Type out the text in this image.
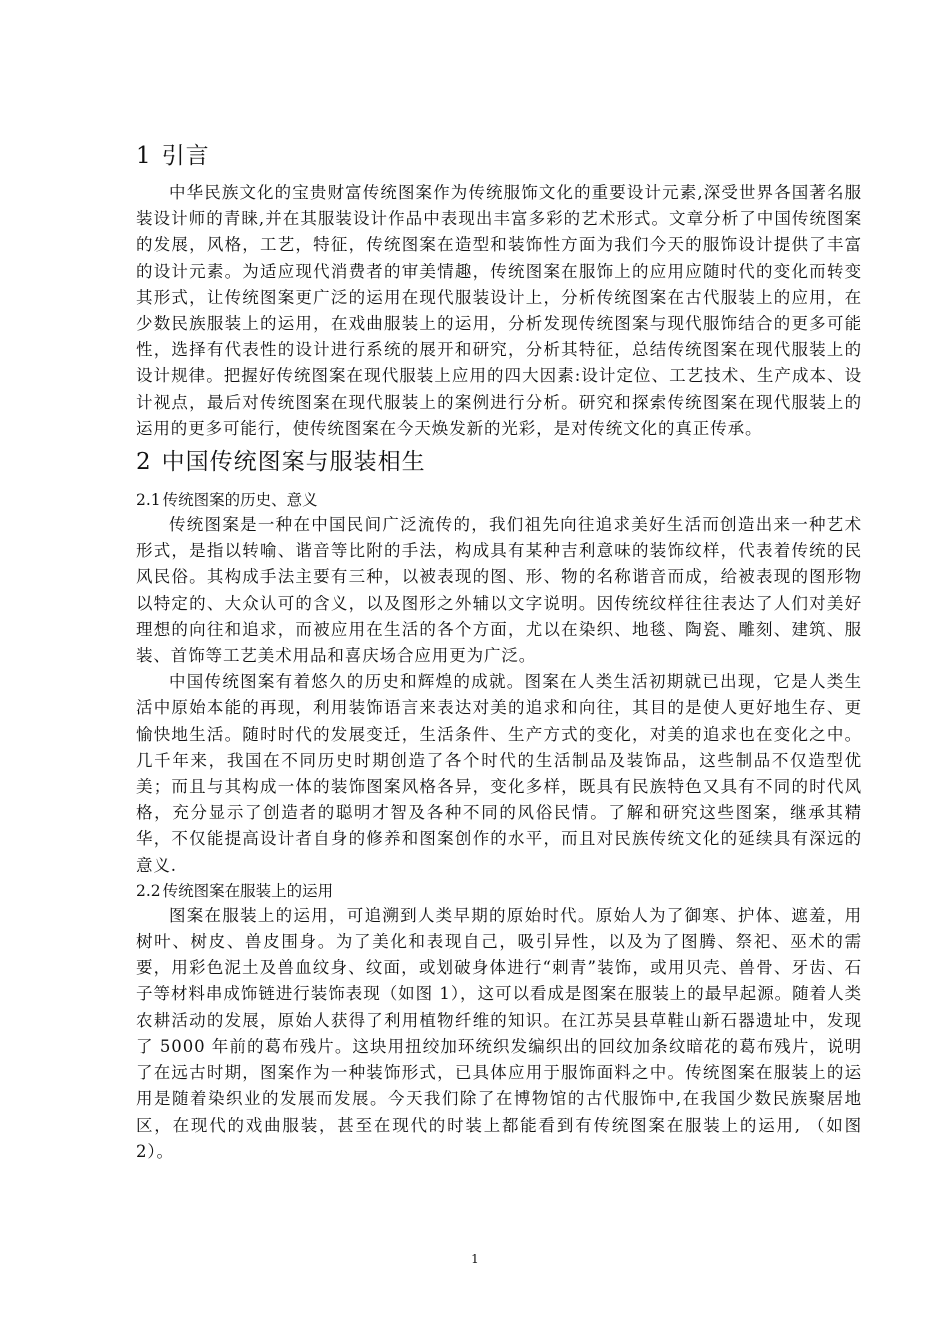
1 引言

中华民族文化的宝贵财富传统图案作为传统服饰文化的重要设计元素,深受世界各国著名服装设计师的青睐,并在其服装设计作品中表现出丰富多彩的艺术形式。文章分析了中国传统图案的发展，风格，工艺，特征，传统图案在造型和装饰性方面为我们今天的服饰设计提供了丰富的设计元素。为适应现代消费者的审美情趣，传统图案在服饰上的应用应随时代的变化而转变其形式，让传统图案更广泛的运用在现代服装设计上，分析传统图案在古代服装上的应用，在少数民族服装上的运用，在戏曲服装上的运用，分析发现传统图案与现代服饰结合的更多可能性，选择有代表性的设计进行系统的展开和研究，分析其特征，总结传统图案在现代服装上的设计规律。把握好传统图案在现代服装上应用的四大因素:设计定位、工艺技术、生产成本、设计视点，最后对传统图案在现代服装上的案例进行分析。研究和探索传统图案在现代服装上的运用的更多可能行，使传统图案在今天焕发新的光彩，是对传统文化的真正传承。

2 中国传统图案与服装相生
2.1 传统图案的历史、意义

传统图案是一种在中国民间广泛流传的，我们祖先向往追求美好生活而创造出来一种艺术形式，是指以转喻、谐音等比附的手法，构成具有某种吉利意味的装饰纹样，代表着传统的民风民俗。其构成手法主要有三种，以被表现的图、形、物的名称谐音而成，给被表现的图形物以特定的、大众认可的含义，以及图形之外辅以文字说明。因传统纹样往往表达了人们对美好理想的向往和追求，而被应用在生活的各个方面，尤以在染织、地毯、陶瓷、雕刻、建筑、服装、首饰等工艺美术用品和喜庆场合应用更为广泛。

中国传统图案有着悠久的历史和辉煌的成就。图案在人类生活初期就已出现，它是人类生活中原始本能的再现，利用装饰语言来表达对美的追求和向往，其目的是使人更好地生存、更愉快地生活。随时时代的发展变迁，生活条件、生产方式的变化，对美的追求也在变化之中。几千年来，我国在不同历史时期创造了各个时代的生活制品及装饰品，这些制品不仅造型优美；而且与其构成一体的装饰图案风格各异，变化多样，既具有民族特色又具有不同的时代风格，充分显示了创造者的聪明才智及各种不同的风俗民情。了解和研究这些图案，继承其精华，不仅能提高设计者自身的修养和图案创作的水平，而且对民族传统文化的延续具有深远的意义.

2.2 传统图案在服装上的运用

图案在服装上的运用，可追溯到人类早期的原始时代。原始人为了御寒、护体、遮羞，用树叶、树皮、兽皮围身。为了美化和表现自己，吸引异性，以及为了图腾、祭祀、巫术的需要，用彩色泥土及兽血纹身、纹面，或划破身体进行“刺青”装饰，或用贝壳、兽骨、牙齿、石子等材料串成饰链进行装饰表现（如图 1），这可以看成是图案在服装上的最早起源。随着人类农耕活动的发展，原始人获得了利用植物纤维的知识。在江苏吴县草鞋山新石器遗址中，发现了 5000 年前的葛布残片。这块用扭绞加环统织发编织出的回纹加条纹暗花的葛布残片，说明了在远古时期，图案作为一种装饰形式，已具体应用于服饰面料之中。传统图案在服装上的运用是随着染织业的发展而发展。今天我们除了在博物馆的古代服饰中,在我国少数民族聚居地区，在现代的戏曲服装，甚至在现代的时装上都能看到有传统图案在服装上的运用, （如图 2）。

1
